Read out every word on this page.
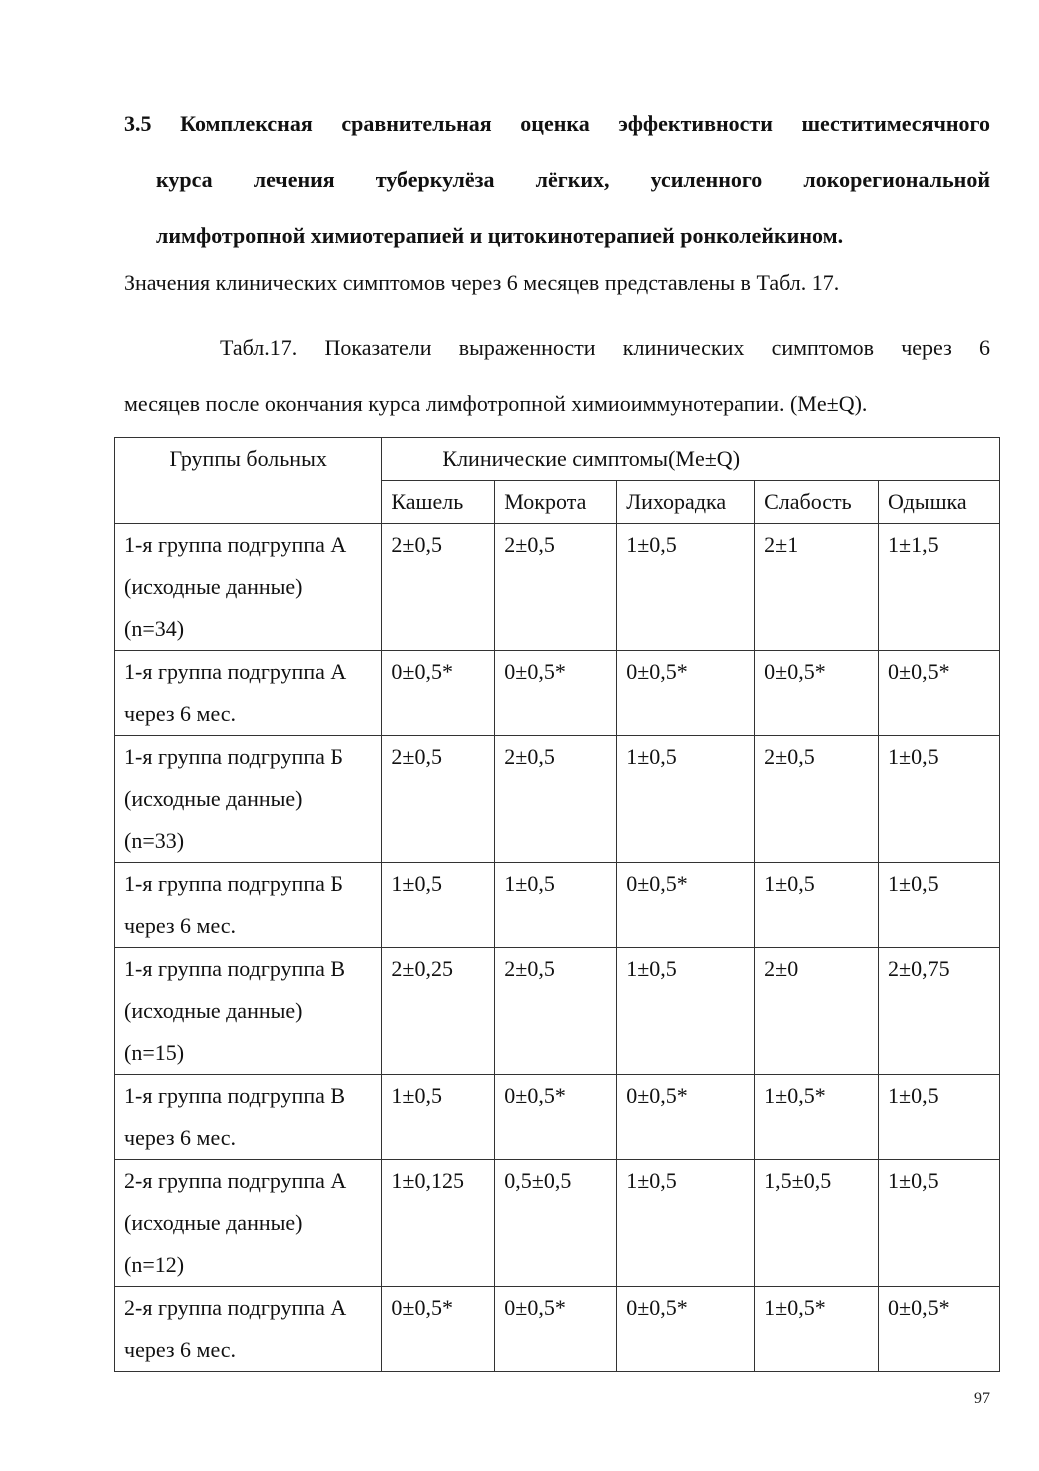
3.5 Комплексная сравнительная оценка эффективности шеститимесячного
курса лечения туберкулёза лёгких, усиленного локорегиональной
лимфотропной химиотерапией и цитокинотерапией ронколейкином.
Значения клинических симптомов через 6 месяцев представлены в Табл. 17.
Табл.17. Показатели выраженности клинических симптомов через 6
месяцев после окончания курса лимфотропной химиоиммунотерапии. (Me±Q).
Группы больных	Клинические симптомы(Me±Q)				
	Кашель	Мокрота	Лихорадка	Слабость	Одышка

1-я группа подгруппа А
(исходные данные)
(n=34)	2±0,5	2±0,5	1±0,5	2±1	1±1,5

1-я группа подгруппа А
через 6 мес.	0±0,5*	0±0,5*	0±0,5*	0±0,5*	0±0,5*

1-я группа подгруппа Б
(исходные данные)
(n=33)	2±0,5	2±0,5	1±0,5	2±0,5	1±0,5

1-я группа подгруппа Б
через 6 мес.	1±0,5	1±0,5	0±0,5*	1±0,5	1±0,5

1-я группа подгруппа В
(исходные данные)
(n=15)	2±0,25	2±0,5	1±0,5	2±0	2±0,75

1-я группа подгруппа В
через 6 мес.	1±0,5	0±0,5*	0±0,5*	1±0,5*	1±0,5

2-я группа подгруппа А
(исходные данные)
(n=12)	1±0,125	0,5±0,5	1±0,5	1,5±0,5	1±0,5

2-я группа подгруппа А
через 6 мес.	0±0,5*	0±0,5*	0±0,5*	1±0,5*	0±0,5*
97
